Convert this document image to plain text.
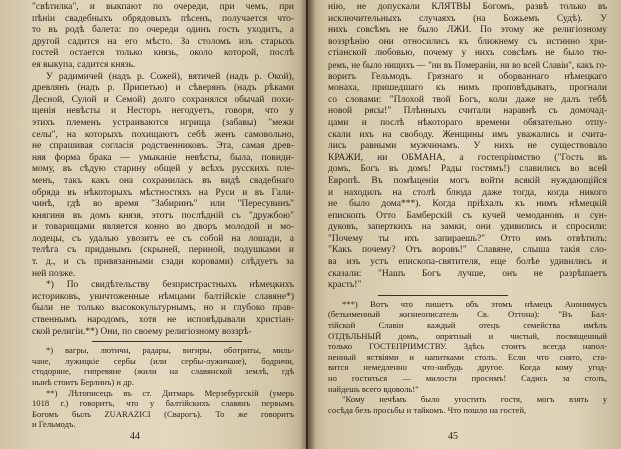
"свѣтилка", и выкпают по очереди, при чемъ, при
пѣніи свадебныхъ обрядовыхъ пѣсенъ, получается что-
то въ родѣ балета: по очереди одинъ гость уходитъ, а
другой садится на его мѣсто. За столомъ изъ старыхъ
гостей остается только князь, около которой, послѣ
ея выкупа, садится князь.
У радимичей (надъ р. Сожей), вятичей (надъ р. Окой),
древлянъ (надъ р. Припетью) и сѣверянъ (надъ рѣками
Десной, Сулой и Семой) долго сохранялся обычай похи-
щенія невѣсты и Несторъ негодуетъ, говоря, что у
этихъ племенъ устраиваются игрища (забавы) "межи
селы", на которыхъ похищаютъ себѣ женъ самовольно,
не спрашивая согласія родственниковъ. Эта, самая древ-
няя форма брака — умыканіе невѣсты, была, повиди-
мому, въ сѣдую старину общей у всѣхъ русскихъ пле-
менъ, такъ какъ она сохранилась въ видѣ свадебнаго
обряда въ нѣкоторыхъ мѣстностяхъ на Руси и въ Гали-
чинѣ, гдѣ во время "Забиринъ" или "Пересувинъ"
княгиня въ домъ князя, этотъ послѣдній съ "дружбою"
и товарищами является конно во дворъ молодой и мо-
лодецы, съ удалью увозитъ ее съ собой на лошади, а
телѣга съ приданымъ (скрыней, периной, подушками и
т. д., и съ привязанными сзади коровами) слѣдуетъ за
ней позже.
*) По свидѣтельству безпристрастныхъ нѣмецкихъ
историковъ, уничтоженные нѣмцами балтійскіе славяне*)
были не только высококультурнымъ, но и глубоко прав-
ственнымъ народомъ, хотя не исповѣдывали христіан-
ской религіи.**) Они, по своему религіозному воззрѣ-
*) вагры, лютичи, радары, вигиры, оботриты, миль-
чане, лужицкіе сербы (или сербы-лужичане), бодричи,
стодоряне, гипревяне (жили на славянской землѣ, гдѣ
нынѣ стоитъ Берлинъ) и др.
**) Лѣтописецъ въ ст. Дитмарь Мерзебургскій (умерь
1018 г.) говоритъ, что у балтійскихъ славянъ первымъ
Богомъ былъ ZUARAZICI (Сварогъ). То же говоритъ
и Гельмодъ.
44
нію, не допускали КЛЯТВЫ Богомъ, развѣ только въ
исключительныхъ случаяхъ (на Божьемъ Судѣ). У
нихъ совсѣмъ не было ЛЖИ. По этому же религіозному
воззрѣнію они относились къ ближнему съ истинно хри-
стіанской любовью, почему у нихъ совсѣмъ не было тю-
ремъ, не было нищихъ — "ни въ Помераніи, ни во всей Славіи", какъ го-
воритъ Гельмодъ. Грязнаго и оборваннаго нѣмецкаго
монаха, пришедшаго къ нимъ проповѣдывать, прогнали
со словами: "Плохой твой Богъ, коли даже не далъ тебѣ
новой рясы!" Плѣнныхъ считали наравнѣ съ домочад-
цами и послѣ нѣкотораго времени обязательно отпу-
скали ихъ на свободу. Женщины имъ уважались и счита-
лись равными мужчинамъ. У нихъ не существовало
КРАЖИ, ни ОБМАНА, а гостепріимство ("Гость въ
домъ, Богъ въ домъ! Рады гостямъ!) славились во всей
Европѣ. Въ помѣщеніи могъ войти всякій нуждающійся
и находилъ на столѣ блюда даже тогда, когда никого
не было дома***). Когда пріѣхалъ къ нимъ нѣмецкій
епископъ Отто Бамберскій съ кучей чемодановъ и сун-
дуковъ, заперткихъ на замки, они удивились и спросили:
"Почему ты ихъ запираешь?" Отто имъ отвѣтилъ:
"Какъ почему? Отъ воровъ!" Славяне, слыша такія сло-
ва изъ устъ епископа-святителя, еще болѣе удивились и
сказали: "Нашъ Богъ лучше, онъ не разрѣшаетъ
красть!"
***) Вотъ что пишетъ объ этомъ нѣмецъ Анонимусъ
(безъименный жизнеописатель Св. Оттона): "Въ Бал-
тійской Славіи каждый отецъ семейства имѣлъ
ОТДѢЛЬНЫЙ домъ, опрятный и чистый, посвященный
только ГОСТЕПРІИМСТВУ. Здѣсь стоитъ всегда напол-
ненный яствіями и напитками столъ. Если что снято, ста-
вится немедленно что-нибудь другое. Когда кому угод-
но гоститься — милости просимъ! Садись за столъ,
найдешь всего вдоволь!"
"Кому нечѣмъ было угостить гостя, могъ взять у
сосѣда безъ просьбы и тайкомъ. Что пошло на гостей,
45
